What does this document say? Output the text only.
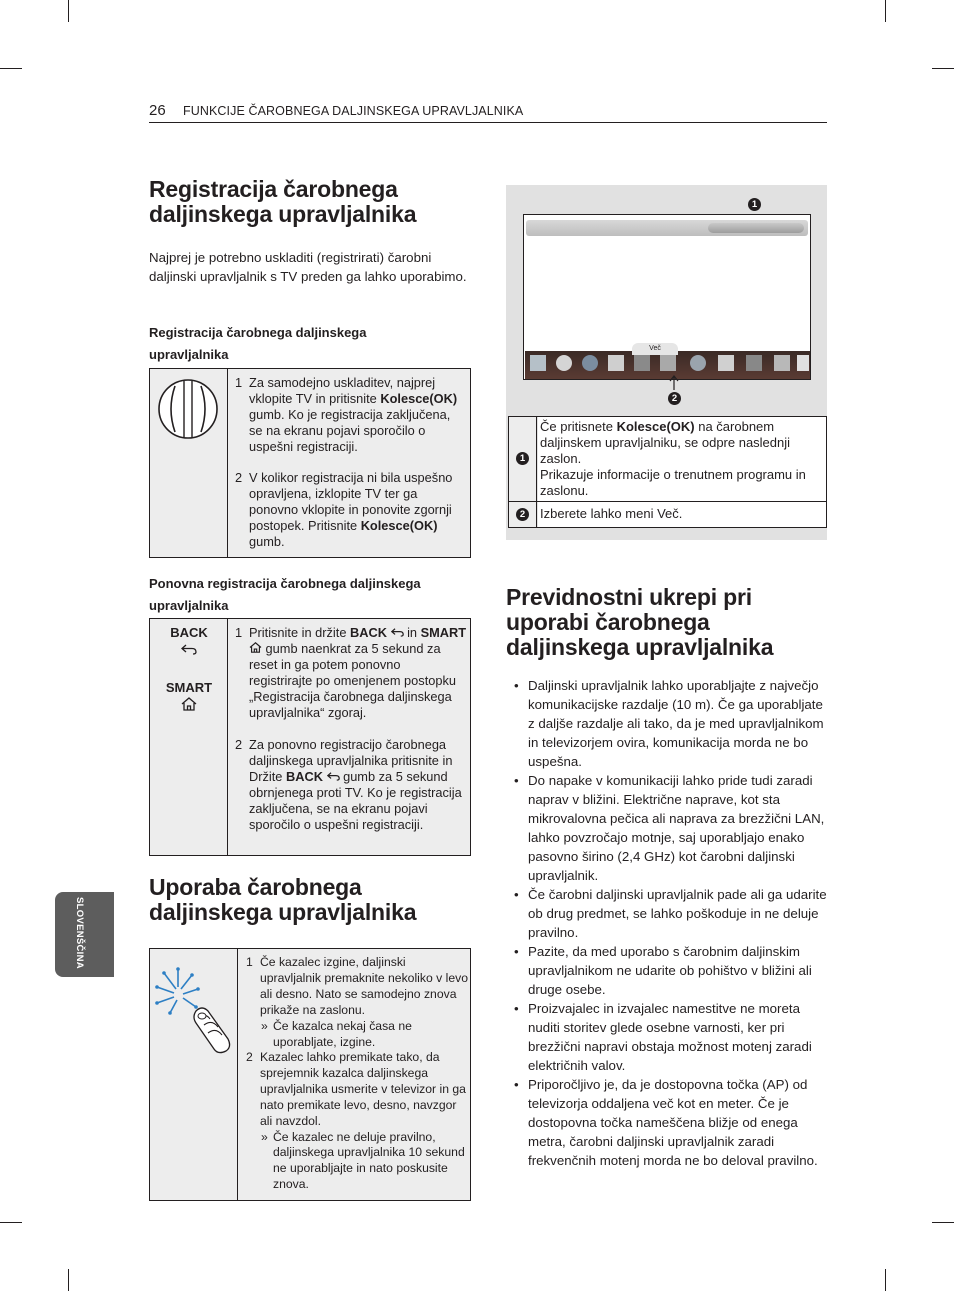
26 FUNKCIJE ČAROBNEGA DALJINSKEGA UPRAVLJALNIKA
SLOVENŠČINA
Registracija čarobnega daljinskega upravljalnika
Najprej je potrebno uskladiti (registrirati) čarobni daljinski upravljalnik s TV preden ga lahko uporabimo.
Registracija čarobnega daljinskega upravljalnika
1 Za samodejno uskladitev, najprej vklopite TV in pritisnite Kolesce(OK) gumb. Ko je registracija zaključena, se na ekranu pojavi sporočilo o uspešni registraciji.
2 V kolikor registracija ni bila uspešno opravljena, izklopite TV ter ga ponovno vklopite in ponovite zgornji postopek. Pritisnite Kolesce(OK) gumb.
Ponovna registracija čarobnega daljinskega upravljalnika
BACK
SMART
1 Pritisnite in držite BACK  in SMART  gumb naenkrat za 5 sekund za reset in ga potem ponovno registrirajte po omenjenem postopku „Registracija čarobnega daljinskega upravljalnika“ zgoraj.
2 Za ponovno registracijo čarobnega daljinskega upravljalnika pritisnite in Držite BACK  gumb za 5 sekund obrnjenega proti TV. Ko je registracija zaključena, se na ekranu pojavi sporočilo o uspešni registraciji.
Uporaba čarobnega daljinskega upravljalnika
1 Če kazalec izgine, daljinski upravljalnik premaknite nekoliko v levo ali desno. Nato se samodejno znova prikaže na zaslonu.
» Če kazalca nekaj časa ne uporabljate, izgine.
2 Kazalec lahko premikate tako, da sprejemnik kazalca daljinskega upravljalnika usmerite v televizor in ga nato premikate levo, desno, navzgor ali navzdol.
» Če kazalec ne deluje pravilno, daljinskega upravljalnika 10 sekund ne uporabljajte in nato poskusite znova.
1
Več
2
1
Če pritisnete Kolesce(OK) na čarobnem daljinskem upravljalniku, se odpre naslednji zaslon.
Prikazuje informacije o trenutnem programu in zaslonu.
2 Izberete lahko meni Več.
Previdnostni ukrepi pri uporabi čarobnega daljinskega upravljalnika
• Daljinski upravljalnik lahko uporabljajte z največjo komunikacijske razdalje (10 m). Če ga uporabljate z daljše razdalje ali tako, da je med upravljalnikom in televizorjem ovira, komunikacija morda ne bo uspešna.
• Do napake v komunikaciji lahko pride tudi zaradi naprav v bližini. Električne naprave, kot sta mikrovalovna pečica ali naprava za brezžični LAN, lahko povzročajo motnje, saj uporabljajo enako pasovno širino (2,4 GHz) kot čarobni daljinski upravljalnik.
• Če čarobni daljinski upravljalnik pade ali ga udarite ob drug predmet, se lahko poškoduje in ne deluje pravilno.
• Pazite, da med uporabo s čarobnim daljinskim upravljalnikom ne udarite ob pohištvo v bližini ali druge osebe.
• Proizvajalec in izvajalec namestitve ne moreta nuditi storitev glede osebne varnosti, ker pri brezžični napravi obstaja možnost motenj zaradi električnih valov.
• Priporočljivo je, da je dostopovna točka (AP) od televizorja oddaljena več kot en meter. Če je dostopovna točka nameščena bližje od enega metra, čarobni daljinski upravljalnik zaradi frekvenčnih motenj morda ne bo deloval pravilno.
